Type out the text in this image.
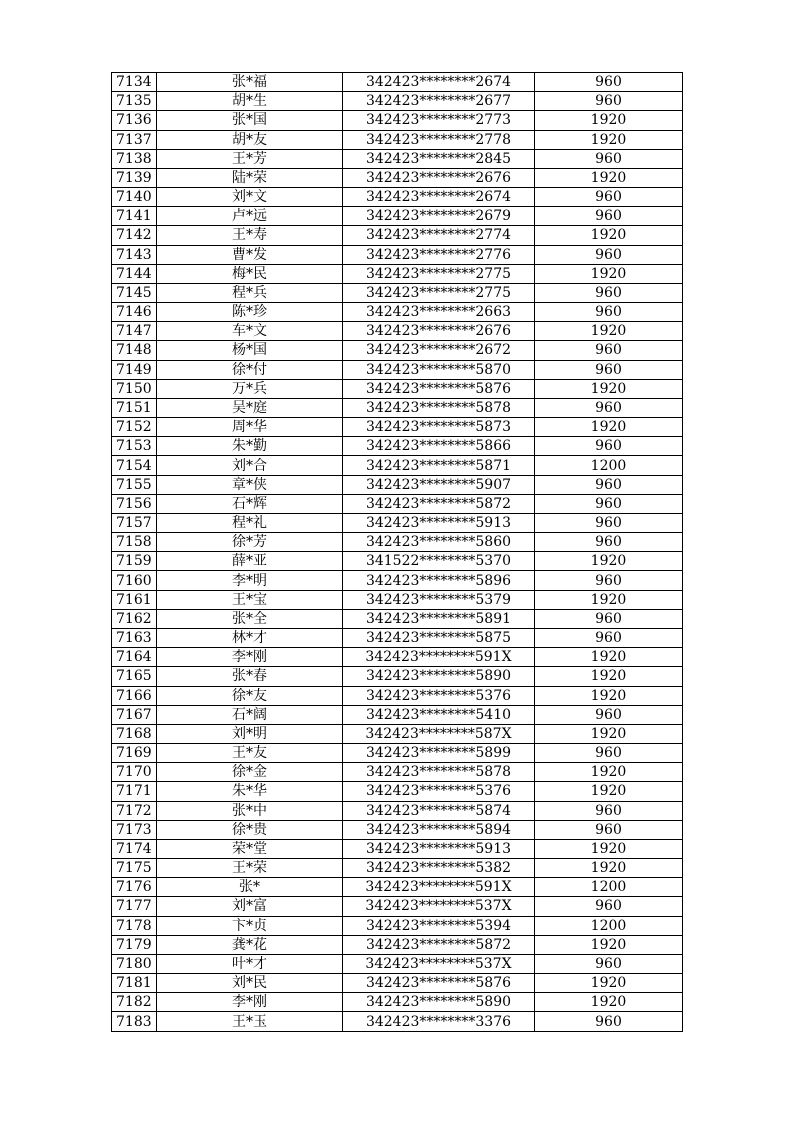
7134	张*福	342423********2674	960
7135	胡*生	342423********2677	960
7136	张*国	342423********2773	1920
7137	胡*友	342423********2778	1920
7138	王*芳	342423********2845	960
7139	陆*荣	342423********2676	1920
7140	刘*文	342423********2674	960
7141	卢*远	342423********2679	960
7142	王*寿	342423********2774	1920
7143	曹*发	342423********2776	960
7144	梅*民	342423********2775	1920
7145	程*兵	342423********2775	960
7146	陈*珍	342423********2663	960
7147	车*文	342423********2676	1920
7148	杨*国	342423********2672	960
7149	徐*付	342423********5870	960
7150	万*兵	342423********5876	1920
7151	吴*庭	342423********5878	960
7152	周*华	342423********5873	1920
7153	朱*勤	342423********5866	960
7154	刘*合	342423********5871	1200
7155	章*侠	342423********5907	960
7156	石*辉	342423********5872	960
7157	程*礼	342423********5913	960
7158	徐*芳	342423********5860	960
7159	薛*亚	341522********5370	1920
7160	李*明	342423********5896	960
7161	王*宝	342423********5379	1920
7162	张*全	342423********5891	960
7163	林*才	342423********5875	960
7164	李*刚	342423********591X	1920
7165	张*春	342423********5890	1920
7166	徐*友	342423********5376	1920
7167	石*阔	342423********5410	960
7168	刘*明	342423********587X	1920
7169	王*友	342423********5899	960
7170	徐*金	342423********5878	1920
7171	朱*华	342423********5376	1920
7172	张*中	342423********5874	960
7173	徐*贵	342423********5894	960
7174	荣*堂	342423********5913	1920
7175	王*荣	342423********5382	1920
7176	张*	342423********591X	1200
7177	刘*富	342423********537X	960
7178	卞*贞	342423********5394	1200
7179	龚*花	342423********5872	1920
7180	叶*才	342423********537X	960
7181	刘*民	342423********5876	1920
7182	李*刚	342423********5890	1920
7183	王*玉	342423********3376	960
